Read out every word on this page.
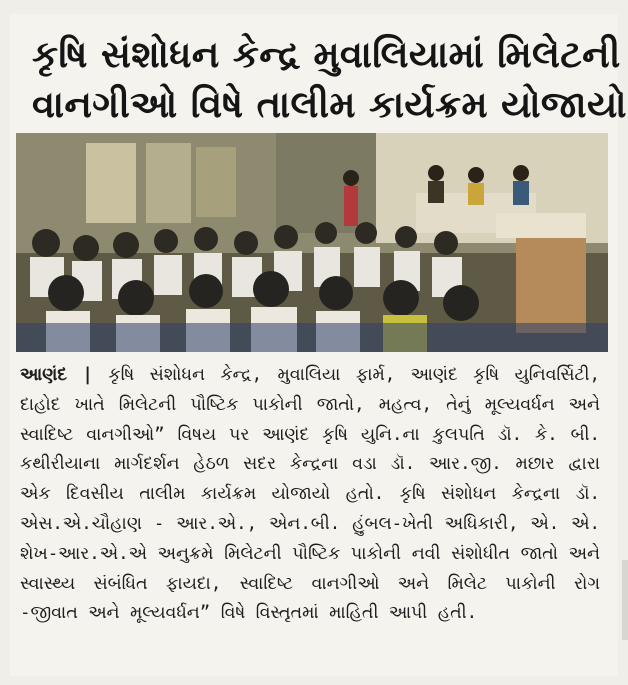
કૃષિ સંશોધન કેન્દ્ર મુવાલિયામાં મિલેટની
વાનગીઓ વિષે તાલીમ કાર્યક્રમ યોજાયો

આણંદ | કૃષિ સંશોધન કેન્દ્ર, મુવાલિયા ફાર્મ, આણંદ કૃષિ યુનિવર્સિટી, દાહોદ ખાતે મિલેટની પૌષ્ટિક પાકોની જાતો, મહત્વ, તેનું મૂલ્યવર્ધન અને સ્વાદિષ્ટ વાનગીઓ” વિષય પર આણંદ કૃષિ યુનિ.ના કુલપતિ ડૉ. કે. બી. કથીરીયાના માર્ગદર્શન હેઠળ સદર કેન્દ્રના વડા ડૉ. આર.જી. મછાર દ્વારા એક દિવસીય તાલીમ કાર્યક્રમ યોજાયો હતો. કૃષિ સંશોધન કેન્દ્રના ડૉ. એસ.એ.ચૌહાણ - આર.એ., એન.બી. હુંબલ-ખેતી અધિકારી, એ. એ. શેખ-આર.એ.એ અનુક્રમે મિલેટની પૌષ્ટિક પાકોની નવી સંશોધીત જાતો અને સ્વાસ્થ્ય સંબંધિત ફાયદા, સ્વાદિષ્ટ વાનગીઓ અને મિલેટ પાકોની રોગ -જીવાત અને મૂલ્યવર્ધન” વિષે વિસ્તૃતમાં માહિતી આપી હતી.
